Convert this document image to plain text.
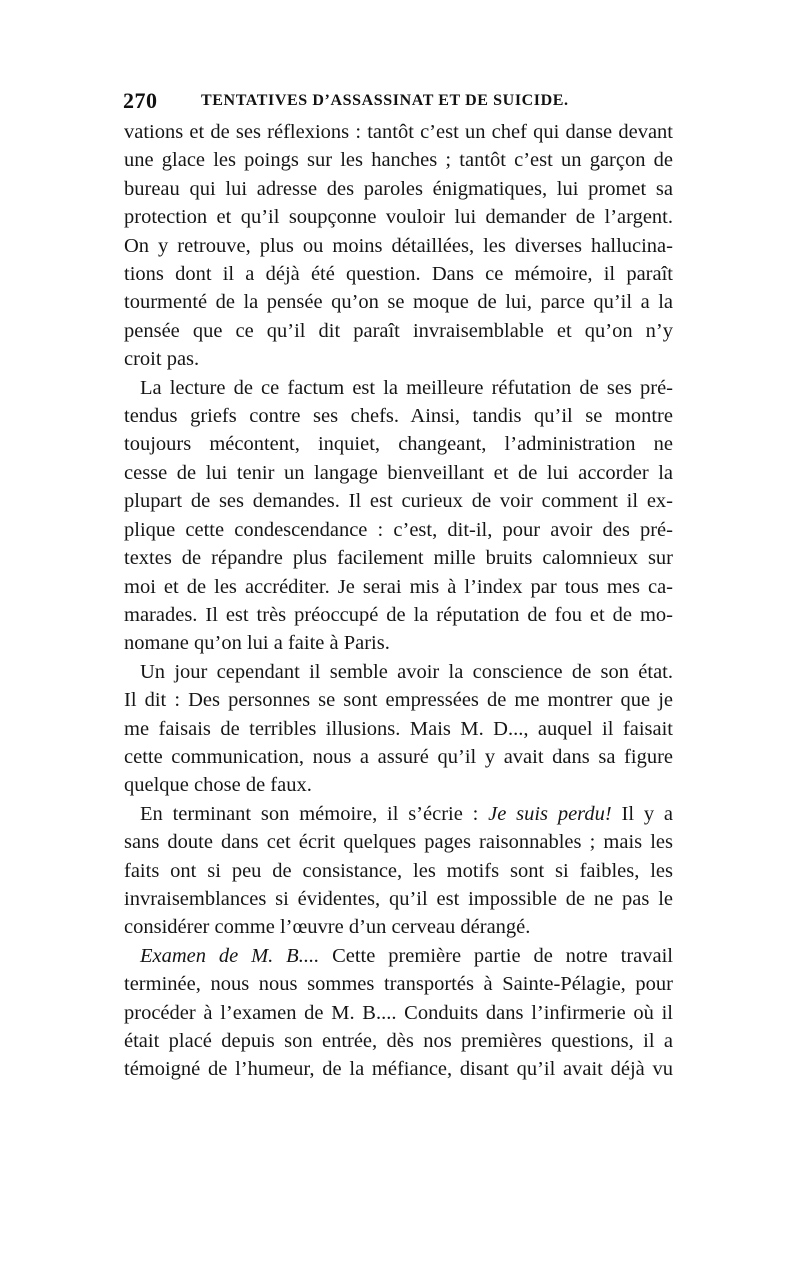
270	TENTATIVES D’ASSASSINAT ET DE SUICIDE.

vations et de ses réflexions : tantôt c’est un chef qui danse devant
une glace les poings sur les hanches ; tantôt c’est un garçon de
bureau qui lui adresse des paroles énigmatiques, lui promet sa
protection et qu’il soupçonne vouloir lui demander de l’argent.
On y retrouve, plus ou moins détaillées, les diverses hallucina-
tions dont il a déjà été question. Dans ce mémoire, il paraît
tourmenté de la pensée qu’on se moque de lui, parce qu’il a la
pensée que ce qu’il dit paraît invraisemblable et qu’on n’y
croit pas.

La lecture de ce factum est la meilleure réfutation de ses pré-
tendus griefs contre ses chefs. Ainsi, tandis qu’il se montre
toujours mécontent, inquiet, changeant, l’administration ne
cesse de lui tenir un langage bienveillant et de lui accorder la
plupart de ses demandes. Il est curieux de voir comment il ex-
plique cette condescendance : c’est, dit-il, pour avoir des pré-
textes de répandre plus facilement mille bruits calomnieux sur
moi et de les accréditer. Je serai mis à l’index par tous mes ca-
marades. Il est très préoccupé de la réputation de fou et de mo-
nomane qu’on lui a faite à Paris.

Un jour cependant il semble avoir la conscience de son état.
Il dit : Des personnes se sont empressées de me montrer que je
me faisais de terribles illusions. Mais M. D..., auquel il faisait
cette communication, nous a assuré qu’il y avait dans sa figure
quelque chose de faux.

En terminant son mémoire, il s’écrie : Je suis perdu! Il y a
sans doute dans cet écrit quelques pages raisonnables ; mais les
faits ont si peu de consistance, les motifs sont si faibles, les
invraisemblances si évidentes, qu’il est impossible de ne pas le
considérer comme l’œuvre d’un cerveau dérangé.

Examen de M. B.... Cette première partie de notre travail
terminée, nous nous sommes transportés à Sainte-Pélagie, pour
procéder à l’examen de M. B.... Conduits dans l’infirmerie où il
était placé depuis son entrée, dès nos premières questions, il a
témoigné de l’humeur, de la méfiance, disant qu’il avait déjà vu
